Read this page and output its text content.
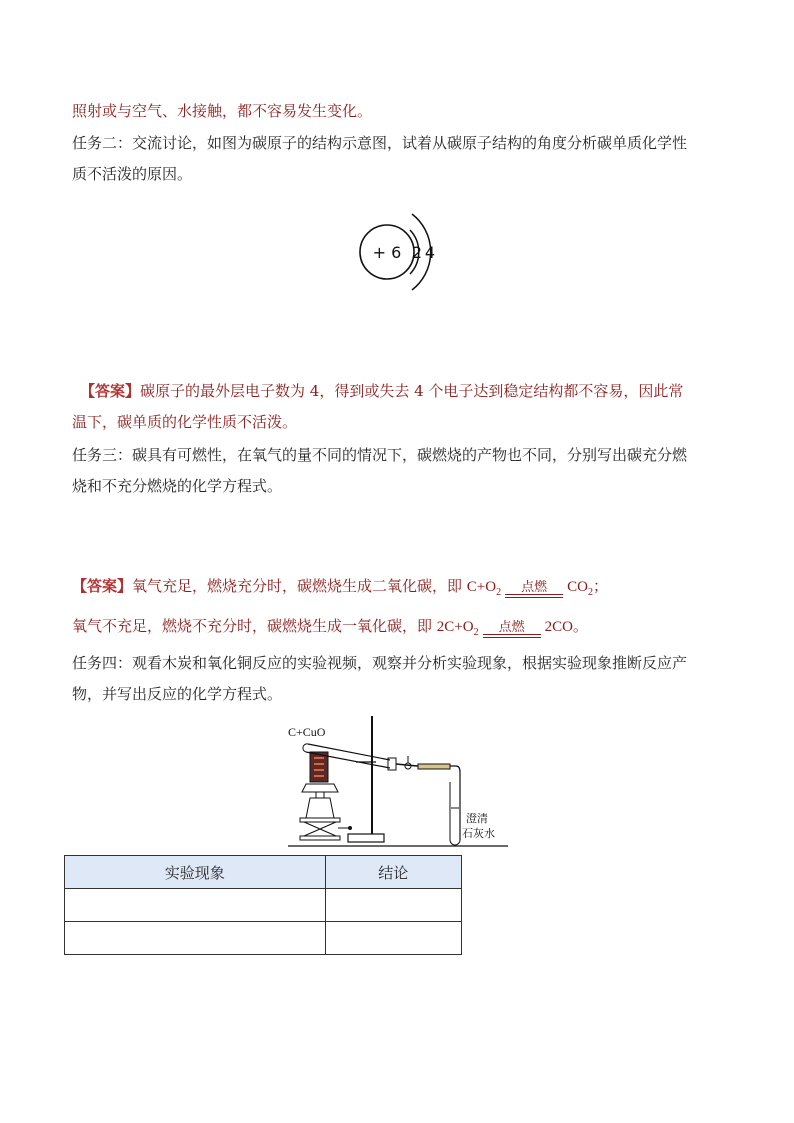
照射或与空气、水接触，都不容易发生变化。
任务二：交流讨论，如图为碳原子的结构示意图，试着从碳原子结构的角度分析碳单质化学性
质不活泼的原因。
+ 6 2 4
【答案】碳原子的最外层电子数为 4，得到或失去 4 个电子达到稳定结构都不容易，因此常
温下，碳单质的化学性质不活泼。
任务三：碳具有可燃性，在氧气的量不同的情况下，碳燃烧的产物也不同，分别写出碳充分燃
烧和不充分燃烧的化学方程式。
【答案】氧气充足，燃烧充分时，碳燃烧生成二氧化碳，即 $C+O_2$	点燃	$CO_2$；
氧气不充足，燃烧不充分时，碳燃烧生成一氧化碳，即 $2C+O_2$	点燃	2CO。
任务四：观看木炭和氧化铜反应的实验视频，观察并分析实验现象，根据实验现象推断反应产
物，并写出反应的化学方程式。
C+CuO
澄清
石灰水
实验现象	结论
